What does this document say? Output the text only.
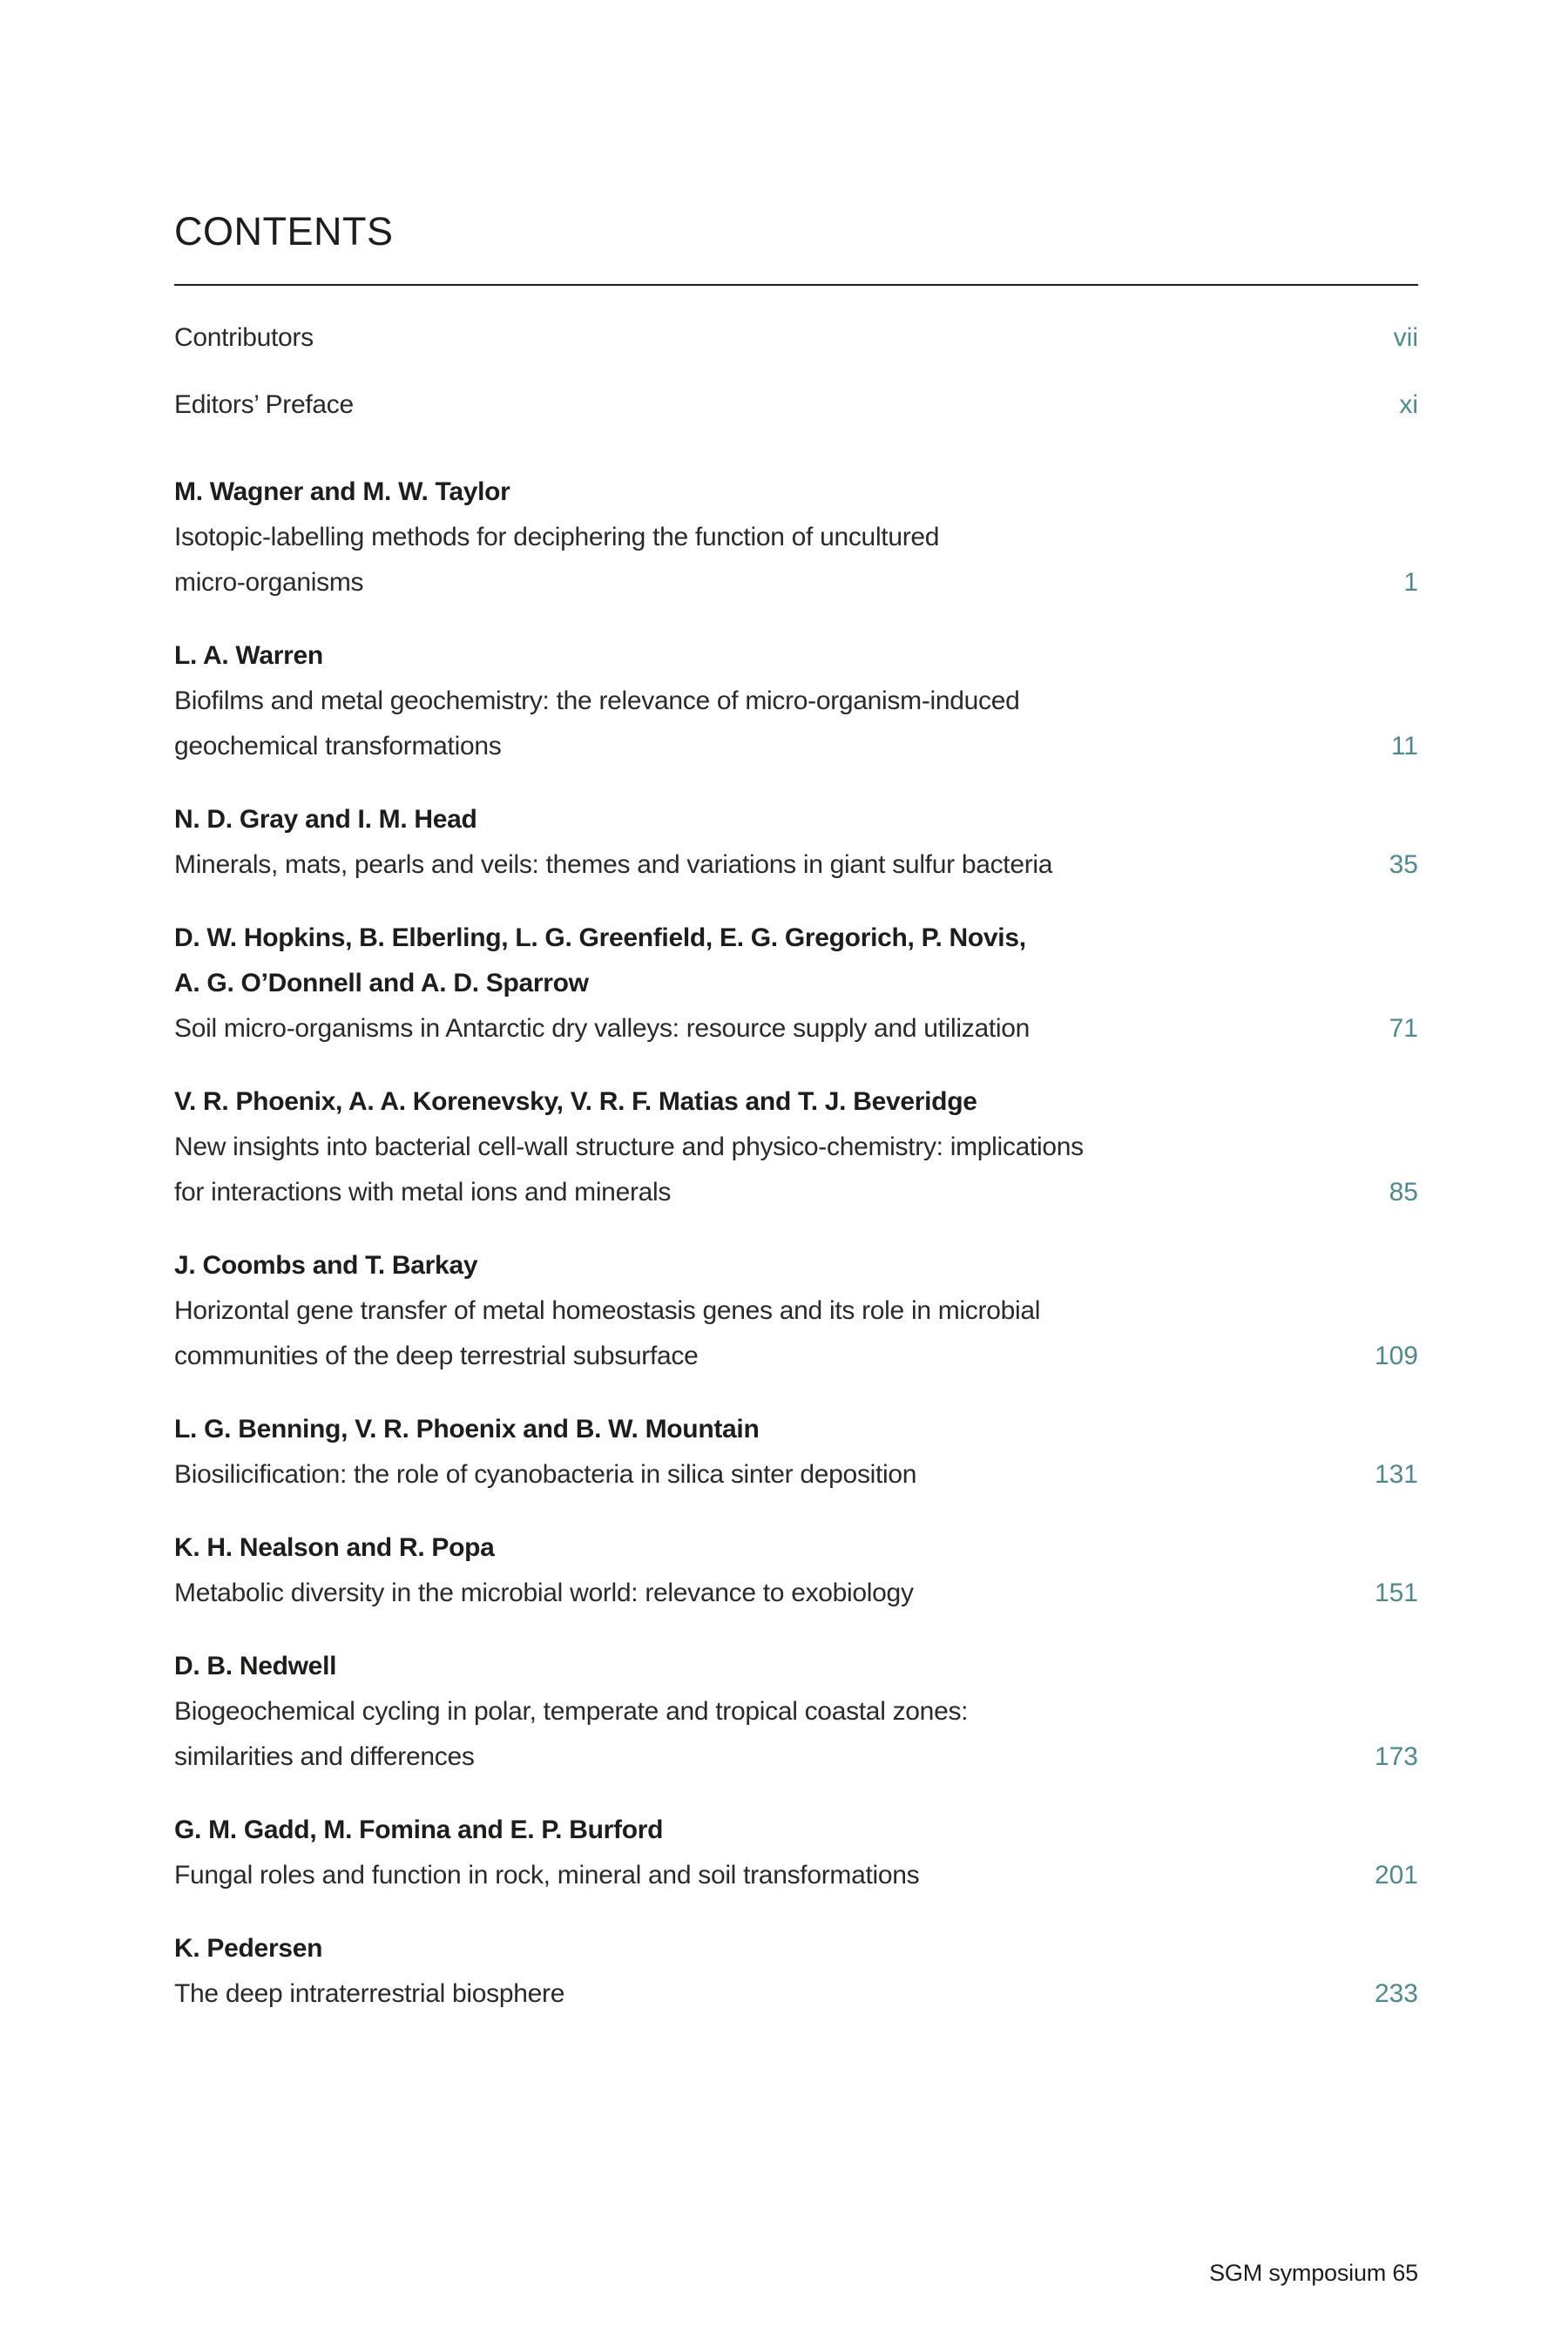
CONTENTS
Contributors	vii
Editors’ Preface	xi

M. Wagner and M. W. Taylor

Isotopic-labelling methods for deciphering the function of uncultured

micro-organisms	1

L. A. Warren

Biofilms and metal geochemistry: the relevance of micro-organism-induced

geochemical transformations	11

N. D. Gray and I. M. Head

Minerals, mats, pearls and veils: themes and variations in giant sulfur bacteria	35

D. W. Hopkins, B. Elberling, L. G. Greenfield, E. G. Gregorich, P. Novis,

A. G. O’Donnell and A. D. Sparrow

Soil micro-organisms in Antarctic dry valleys: resource supply and utilization	71

V. R. Phoenix, A. A. Korenevsky, V. R. F. Matias and T. J. Beveridge

New insights into bacterial cell-wall structure and physico-chemistry: implications

for interactions with metal ions and minerals	85

J. Coombs and T. Barkay

Horizontal gene transfer of metal homeostasis genes and its role in microbial

communities of the deep terrestrial subsurface	109

L. G. Benning, V. R. Phoenix and B. W. Mountain

Biosilicification: the role of cyanobacteria in silica sinter deposition	131

K. H. Nealson and R. Popa

Metabolic diversity in the microbial world: relevance to exobiology	151

D. B. Nedwell

Biogeochemical cycling in polar, temperate and tropical coastal zones:

similarities and differences	173

G. M. Gadd, M. Fomina and E. P. Burford

Fungal roles and function in rock, mineral and soil transformations	201

K. Pedersen

The deep intraterrestrial biosphere	233

SGM symposium 65
